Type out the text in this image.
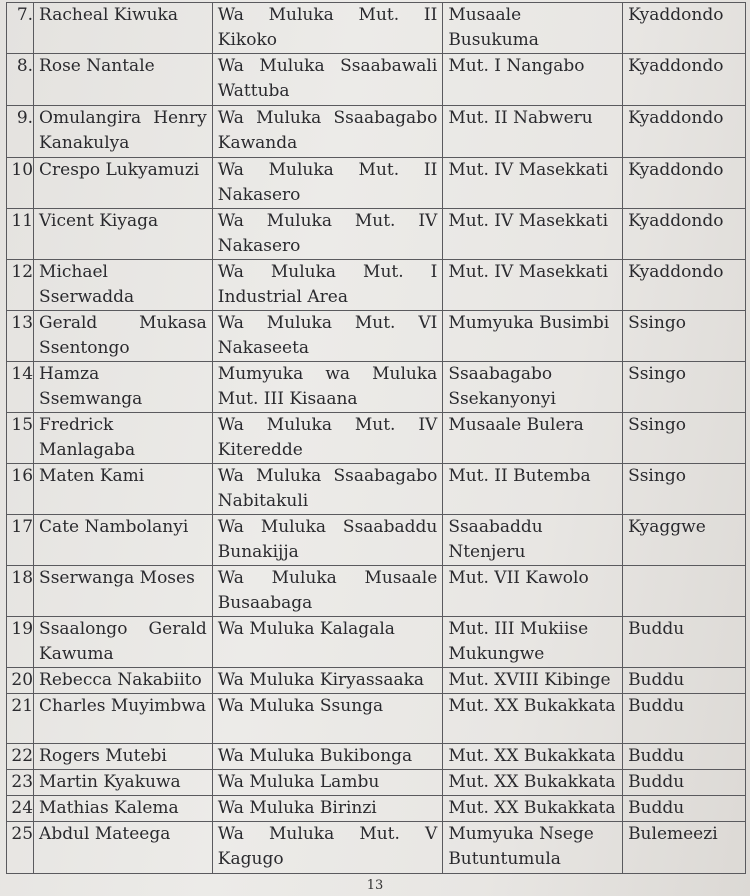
7.	Racheal Kiwuka	Wa Muluka Mut. II Kikoko	Musaale Busukuma	Kyaddondo
8.	Rose Nantale	Wa Muluka Ssaabawali Wattuba	Mut. I Nangabo	Kyaddondo
9.	Omulangira Henry Kanakulya	Wa Muluka Ssaabagabo Kawanda	Mut. II Nabweru	Kyaddondo
10	Crespo Lukyamuzi	Wa Muluka Mut. II Nakasero	Mut. IV Masekkati	Kyaddondo
11	Vicent Kiyaga	Wa Muluka Mut. IV Nakasero	Mut. IV Masekkati	Kyaddondo
12	Michael Sserwadda	Wa Muluka Mut. I Industrial Area	Mut. IV Masekkati	Kyaddondo
13	Gerald Mukasa Ssentongo	Wa Muluka Mut. VI Nakaseeta	Mumyuka Busimbi	Ssingo
14	Hamza Ssemwanga	Mumyuka wa Muluka Mut. III Kisaana	Ssaabagabo Ssekanyonyi	Ssingo
15	Fredrick Manlagaba	Wa Muluka Mut. IV Kiteredde	Musaale Bulera	Ssingo
16	Maten Kami	Wa Muluka Ssaabagabo Nabitakuli	Mut. II Butemba	Ssingo
17	Cate Nambolanyi	Wa Muluka Ssaabaddu Bunakijja	Ssaabaddu Ntenjeru	Kyaggwe
18	Sserwanga Moses	Wa Muluka Musaale Busaabaga	Mut. VII Kawolo	
19	Ssaalongo Gerald Kawuma	Wa Muluka Kalagala	Mut. III Mukiise Mukungwe	Buddu
20	Rebecca Nakabiito	Wa Muluka Kiryassaaka	Mut. XVIII Kibinge	Buddu
21	Charles Muyimbwa	Wa Muluka Ssunga	Mut. XX Bukakkata	Buddu
22	Rogers Mutebi	Wa Muluka Bukibonga	Mut. XX Bukakkata	Buddu
23	Martin Kyakuwa	Wa Muluka Lambu	Mut. XX Bukakkata	Buddu
24	Mathias Kalema	Wa Muluka Birinzi	Mut. XX Bukakkata	Buddu
25	Abdul Mateega	Wa Muluka Mut. V Kagugo	Mumyuka Nsege Butuntumula	Bulemeezi
13
